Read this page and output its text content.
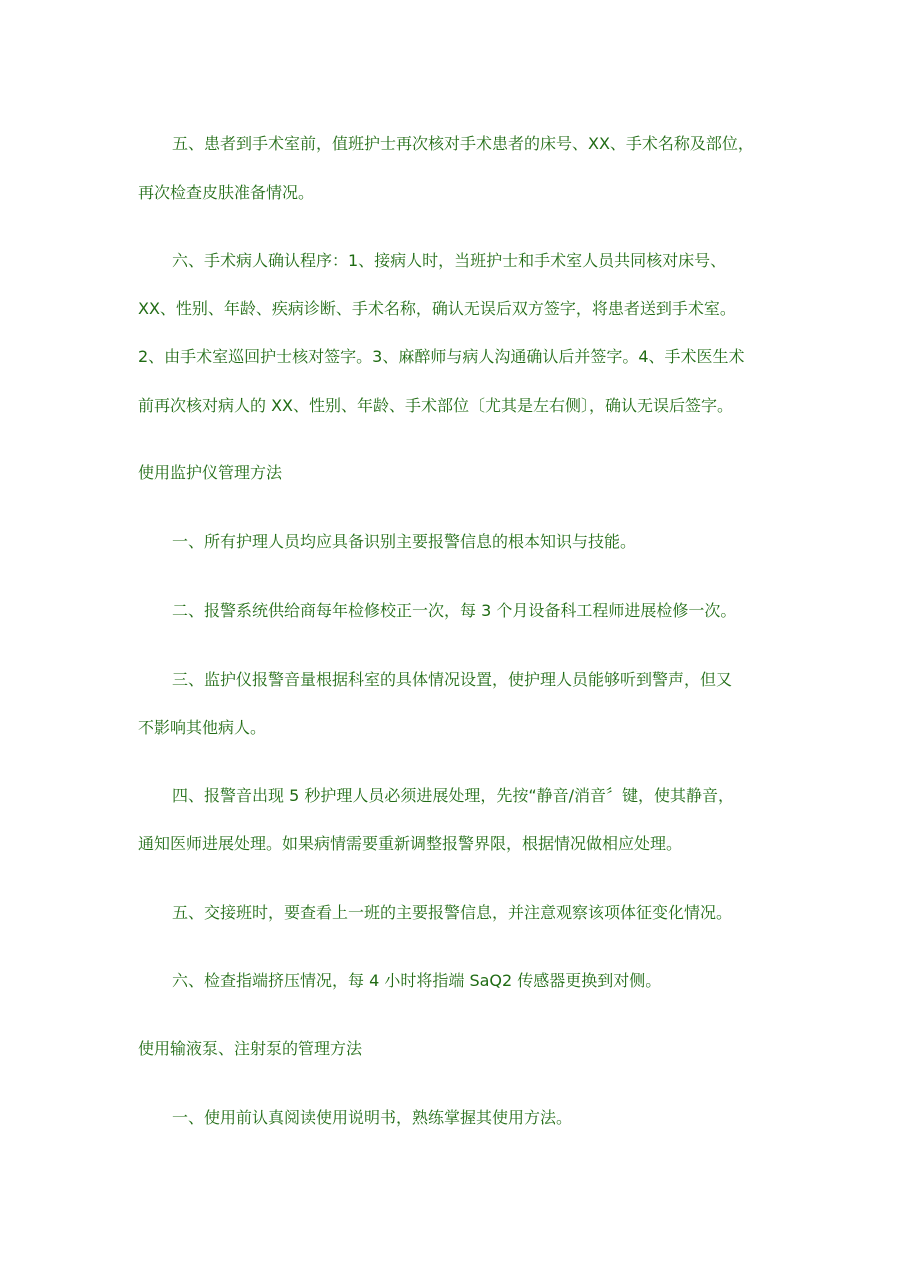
五、患者到手术室前，值班护士再次核对手术患者的床号、XX、手术名称及部位，
再次检查皮肤准备情况。
六、手术病人确认程序：1、接病人时，当班护士和手术室人员共同核对床号、
XX、性别、年龄、疾病诊断、手术名称，确认无误后双方签字，将患者送到手术室。
2、由手术室巡回护士核对签字。3、麻醉师与病人沟通确认后并签字。4、手术医生术
前再次核对病人的 XX、性别、年龄、手术部位〔尤其是左右侧〕，确认无误后签字。
使用监护仪管理方法
一、所有护理人员均应具备识别主要报警信息的根本知识与技能。
二、报警系统供给商每年检修校正一次，每 3 个月设备科工程师进展检修一次。
三、监护仪报警音量根据科室的具体情况设置，使护理人员能够听到警声，但又
不影响其他病人。
四、报警音出现 5 秒护理人员必须进展处理，先按“静音/消音〞键，使其静音，
通知医师进展处理。如果病情需要重新调整报警界限，根据情况做相应处理。
五、交接班时，要查看上一班的主要报警信息，并注意观察该项体征变化情况。
六、检查指端挤压情况，每 4 小时将指端 SaQ2 传感器更换到对侧。
使用输液泵、注射泵的管理方法
一、使用前认真阅读使用说明书，熟练掌握其使用方法。
